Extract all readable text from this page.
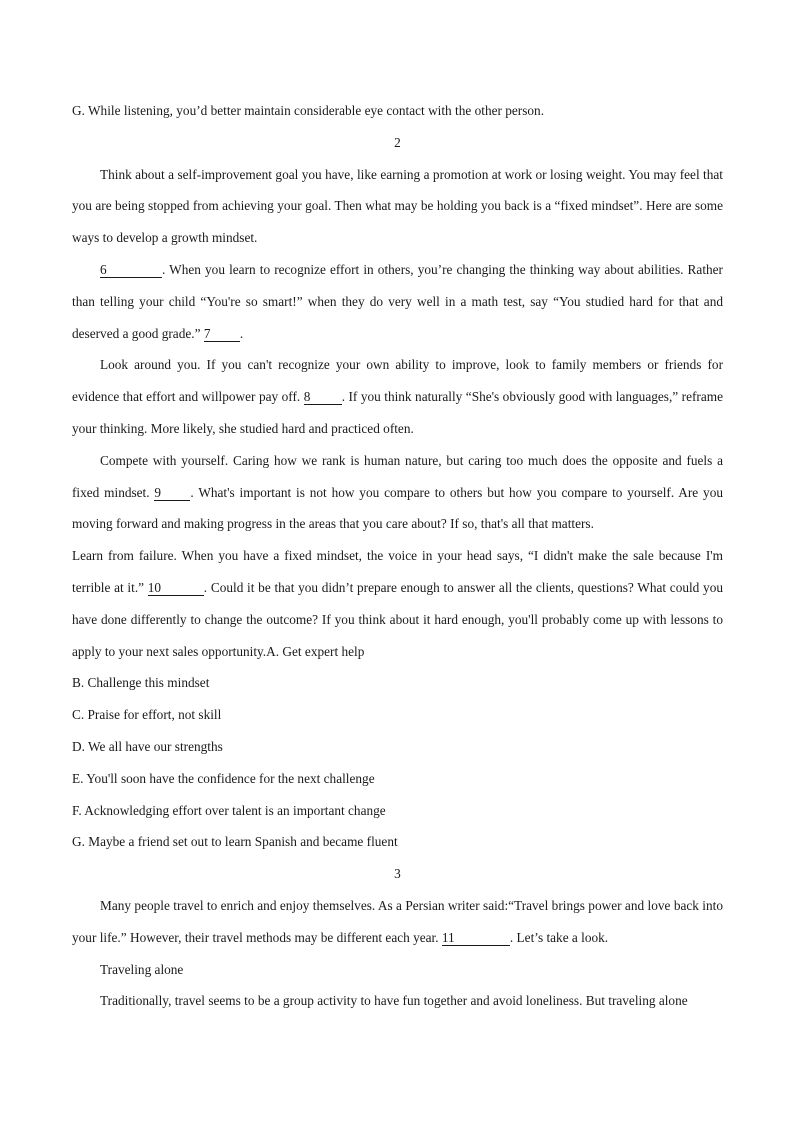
G. While listening, you’d better maintain considerable eye contact with the other person.

2

Think about a self-improvement goal you have, like earning a promotion at work or losing weight. You may feel that you are being stopped from achieving your goal. Then what may be holding you back is a “fixed mindset”. Here are some ways to develop a growth mindset.

6	. When you learn to recognize effort in others, you’re changing the thinking way about abilities. Rather than telling your child “You're so smart!” when they do very well in a math test, say “You studied hard for that and deserved a good grade.” 7 .

Look around you. If you can't recognize your own ability to improve, look to family members or friends for evidence that effort and willpower pay off. 8 . If you think naturally “She's obviously good with languages,” reframe your thinking. More likely, she studied hard and practiced often.

Compete with yourself. Caring how we rank is human nature, but caring too much does the opposite and fuels a fixed mindset. 9 . What's important is not how you compare to others but how you compare to yourself. Are you moving forward and making progress in the areas that you care about? If so, that's all that matters.

Learn from failure. When you have a fixed mindset, the voice in your head says, “I didn't make the sale because I'm terrible at it.” 10	. Could it be that you didn’t prepare enough to answer all the clients, questions? What could you have done differently to change the outcome? If you think about it hard enough, you'll probably come up with lessons to apply to your next sales opportunity.A. Get expert help

B. Challenge this mindset

C. Praise for effort, not skill

D. We all have our strengths

E. You'll soon have the confidence for the next challenge

F. Acknowledging effort over talent is an important change

G. Maybe a friend set out to learn Spanish and became fluent

3

Many people travel to enrich and enjoy themselves. As a Persian writer said:“Travel brings power and love back into your life.” However, their travel methods may be different each year. 11	. Let’s take a look.

Traveling alone

Traditionally, travel seems to be a group activity to have fun together and avoid loneliness. But traveling alone
